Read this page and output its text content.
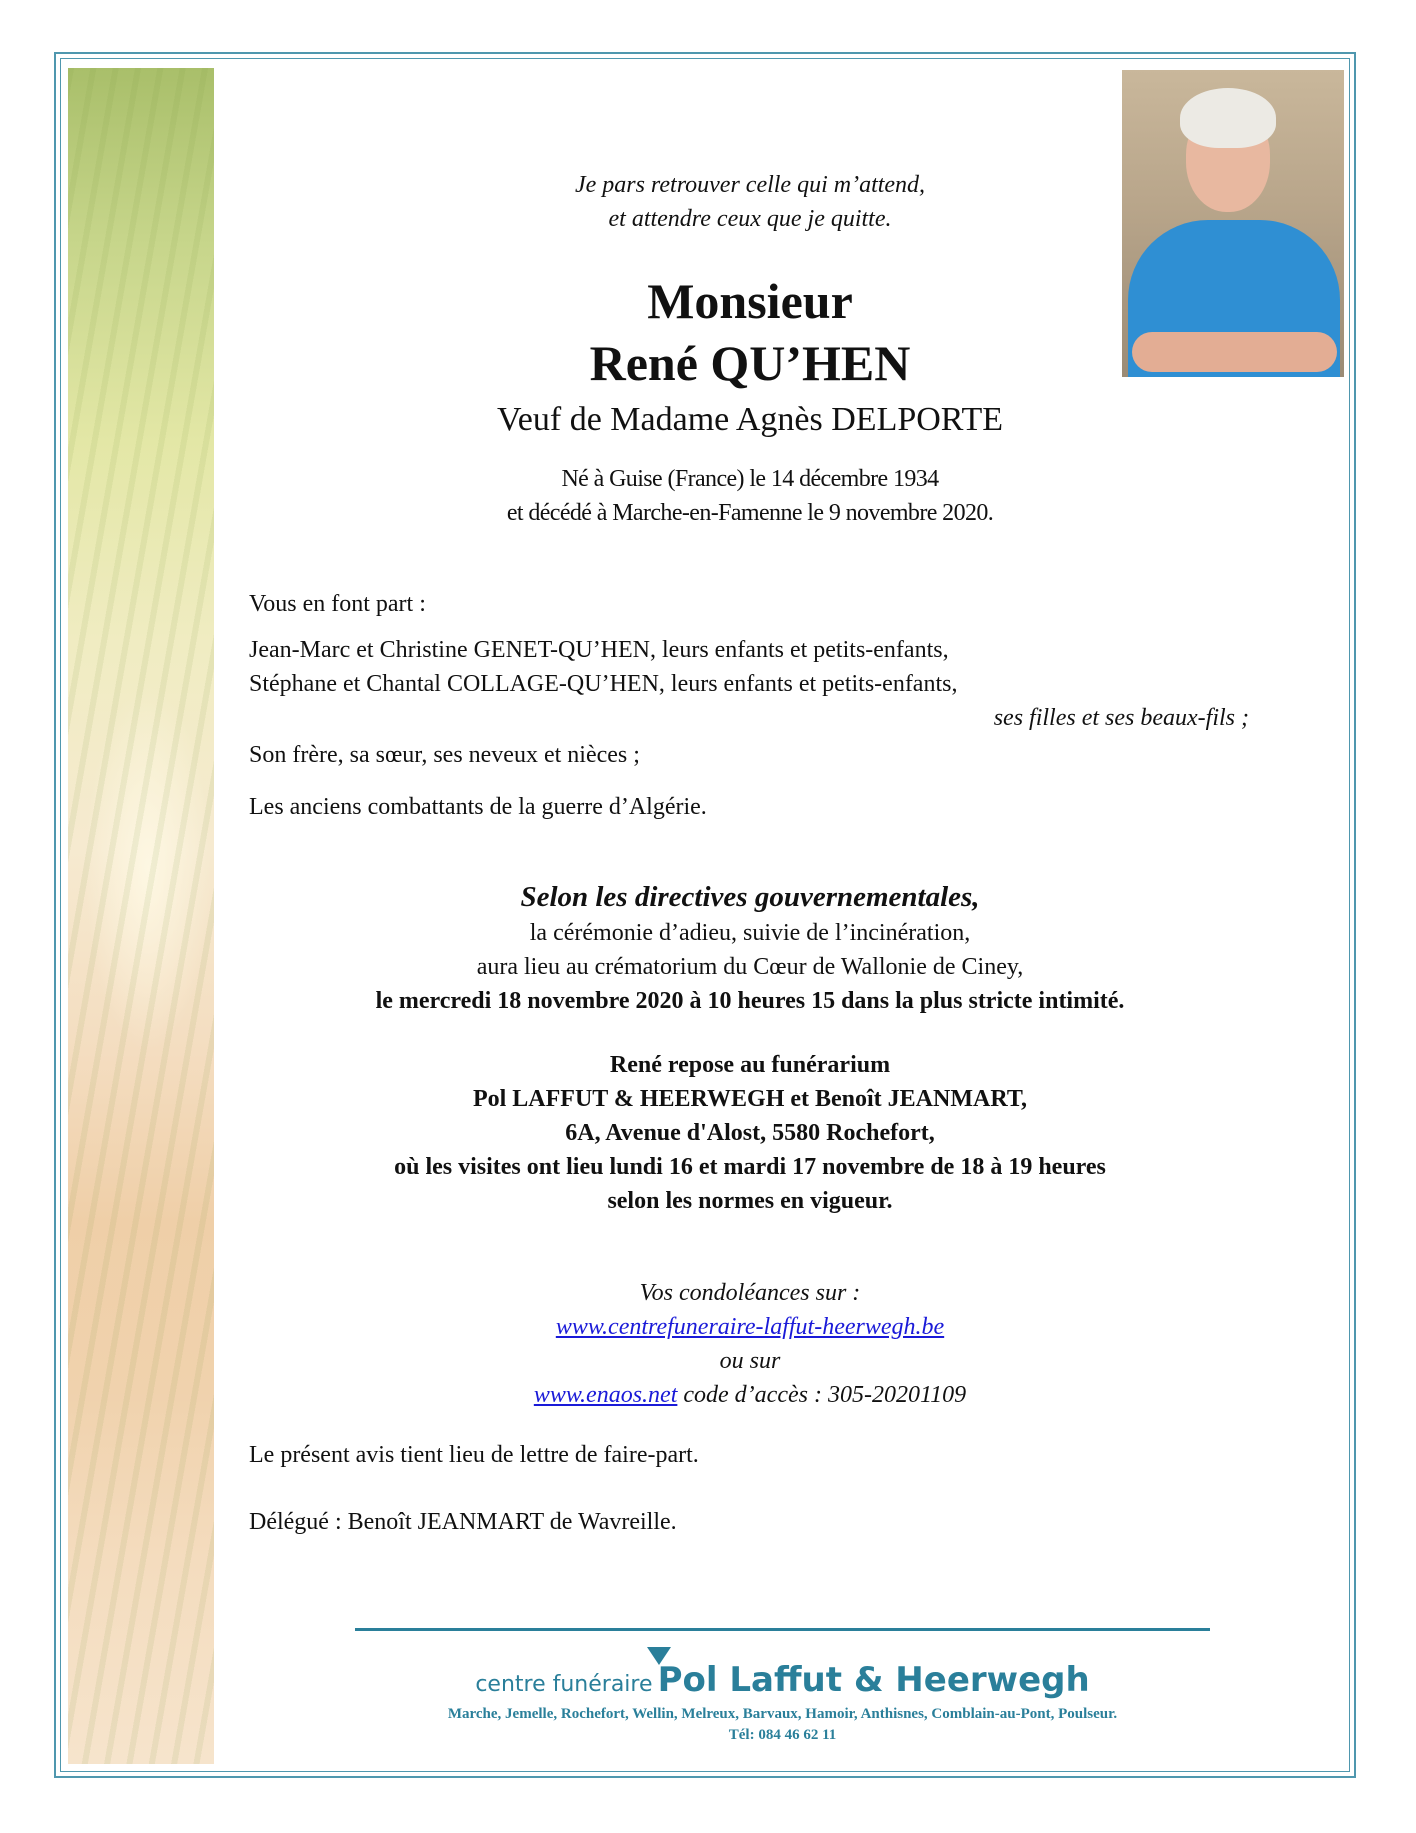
Je pars retrouver celle qui m’attend,
et attendre ceux que je quitte.
Monsieur
René QU’HEN
Veuf de Madame Agnès DELPORTE
Né à Guise (France) le 14 décembre 1934
et décédé à Marche-en-Famenne le 9 novembre 2020.
Vous en font part :
Jean-Marc et Christine GENET-QU’HEN, leurs enfants et petits-enfants,
Stéphane et Chantal COLLAGE-QU’HEN, leurs enfants et petits-enfants,
ses filles et ses beaux-fils ;
Son frère, sa sœur, ses neveux et nièces ;
Les anciens combattants de la guerre d’Algérie.
Selon les directives gouvernementales,
la cérémonie d’adieu, suivie de l’incinération,
aura lieu au crématorium du Cœur de Wallonie de Ciney,
le mercredi 18 novembre 2020 à 10 heures 15 dans la plus stricte intimité.
René repose au funérarium
Pol LAFFUT & HEERWEGH et Benoît JEANMART,
6A, Avenue d'Alost, 5580 Rochefort,
où les visites ont lieu lundi 16 et mardi 17 novembre de 18 à 19 heures
selon les normes en vigueur.
Vos condoléances sur :
www.centrefuneraire-laffut-heerwegh.be
ou sur
www.enaos.net code d’accès : 305-20201109
Le présent avis tient lieu de lettre de faire-part.
Délégué : Benoît JEANMART de Wavreille.
centre funéraire Pol Laffut & Heerwegh
Marche, Jemelle, Rochefort, Wellin, Melreux, Barvaux, Hamoir, Anthisnes, Comblain-au-Pont, Poulseur.
Tél: 084 46 62 11
